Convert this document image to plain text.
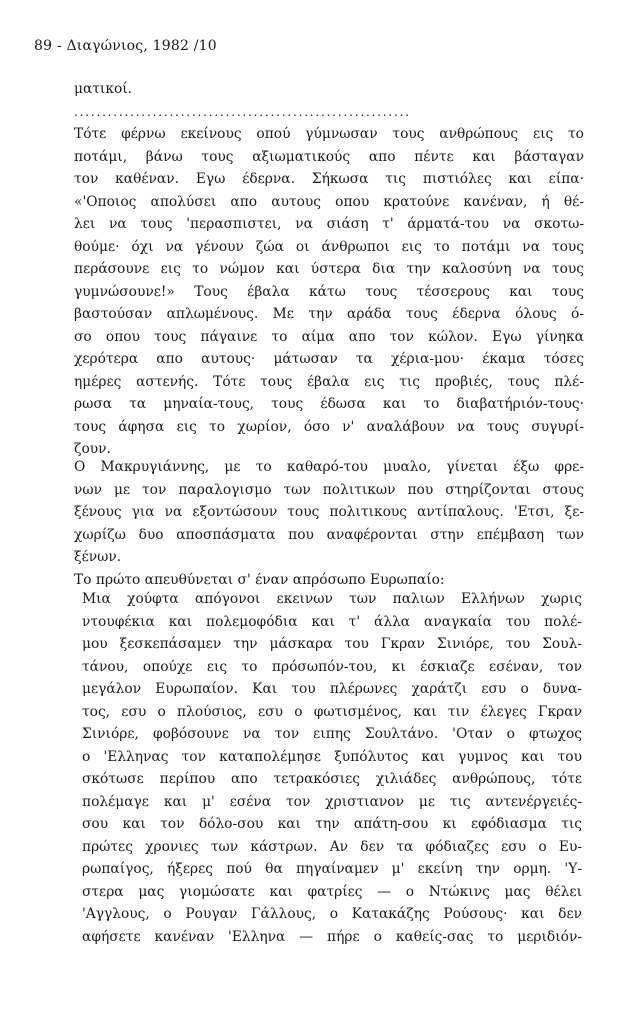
89 - Διαγώνιος, 1982 /10
ματικοί.
............................................................
Τότε φέρνω εκείνους οπού γύμνωσαν τους ανθρώπους εις το
ποτάμι, βάνω τους αξιωματικούς απο πέντε και βάσταγαν
τον καθέναν. Εγω έδερνα. Σήκωσα τις πιστιόλες και είπα·
«'Οποιος απολύσει απο αυτους οπου κρατούνε κανέναν, ή θέ-
λει να τους 'περασπιστει, να σιάση τ' άρματά-του να σκοτω-
θούμε· όχι να γένουν ζώα οι άνθρωποι εις το ποτάμι να τους
περάσουνε εις το νώμον και ύστερα δια την καλοσύνη να τους
γυμνώσουνε!» Τους έβαλα κάτω τους τέσσερους και τους
βαστούσαν απλωμένους. Με την αράδα τους έδερνα όλους ό-
σο οπου τους πάγαινε το αίμα απο τον κώλον. Εγω γίνηκα
χερότερα απο αυτους· μάτωσαν τα χέρια-μου· έκαμα τόσες
ημέρες αστενής. Τότε τους έβαλα εις τις προβιές, τους πλέ-
ρωσα τα μηναία-τους, τους έδωσα και το διαβατήριόν-τους·
τους άφησα εις το χωρίον, όσο ν' αναλάβουν να τους συγυρί-
ζουν.
Ο Μακρυγιάννης, με το καθαρό-του μυαλο, γίνεται έξω φρε-
νων με τον παραλογισμο των πολιτικων που στηρίζονται στους
ξένους για να εξοντώσουν τους πολιτικους αντίπαλους. 'Ετσι, ξε-
χωρίζω δυο αποσπάσματα που αναφέρονται στην επέμβαση των
ξένων.
Το πρώτο απευθύνεται σ' έναν απρόσωπο Ευρωπαίο:
Μια χούφτα απόγονοι εκεινων των παλιων Ελλήνων χωρις
ντουφέκια και πολεμοφόδια και τ' άλλα αναγκαία του πολέ-
μου ξεσκεπάσαμεν την μάσκαρα του Γκραν Σινιόρε, του Σουλ-
τάνου, οπούχε εις το πρόσωπόν-του, κι έσκιαζε εσέναν, τον
μεγάλον Ευρωπαίον. Και του πλέρωνες χαράτζι εσυ ο δυνα-
τος, εσυ ο πλούσιος, εσυ ο φωτισμένος, και τιν έλεγες Γκραν
Σινιόρε, φοβόσουνε να τον ειπης Σουλτάνο. 'Οταν ο φτωχος
ο 'Ελληνας τον καταπολέμησε ξυπόλυτος και γυμνος και του
σκότωσε περίπου απο τετρακόσιες χιλιάδες ανθρώπους, τότε
πολέμαγε και μ' εσένα τον χριστιανον με τις αντενέργειές-
σου και τον δόλο-σου και την απάτη-σου κι εφόδιασμα τις
πρώτες χρονιες των κάστρων. Αν δεν τα φόδιαζες εσυ ο Ευ-
ρωπαίγος, ήξερες πού θα πηγαίναμεν μ' εκείνη την ορμη. 'Υ-
στερα μας γιομώσατε και φατρίες — ο Ντώκινς μας θέλει
'Αγγλους, ο Ρουγαν Γάλλους, ο Κατακάζης Ρούσους· και δεν
αφήσετε κανέναν 'Ελληνα — πήρε ο καθείς-σας το μεριδιόν-
